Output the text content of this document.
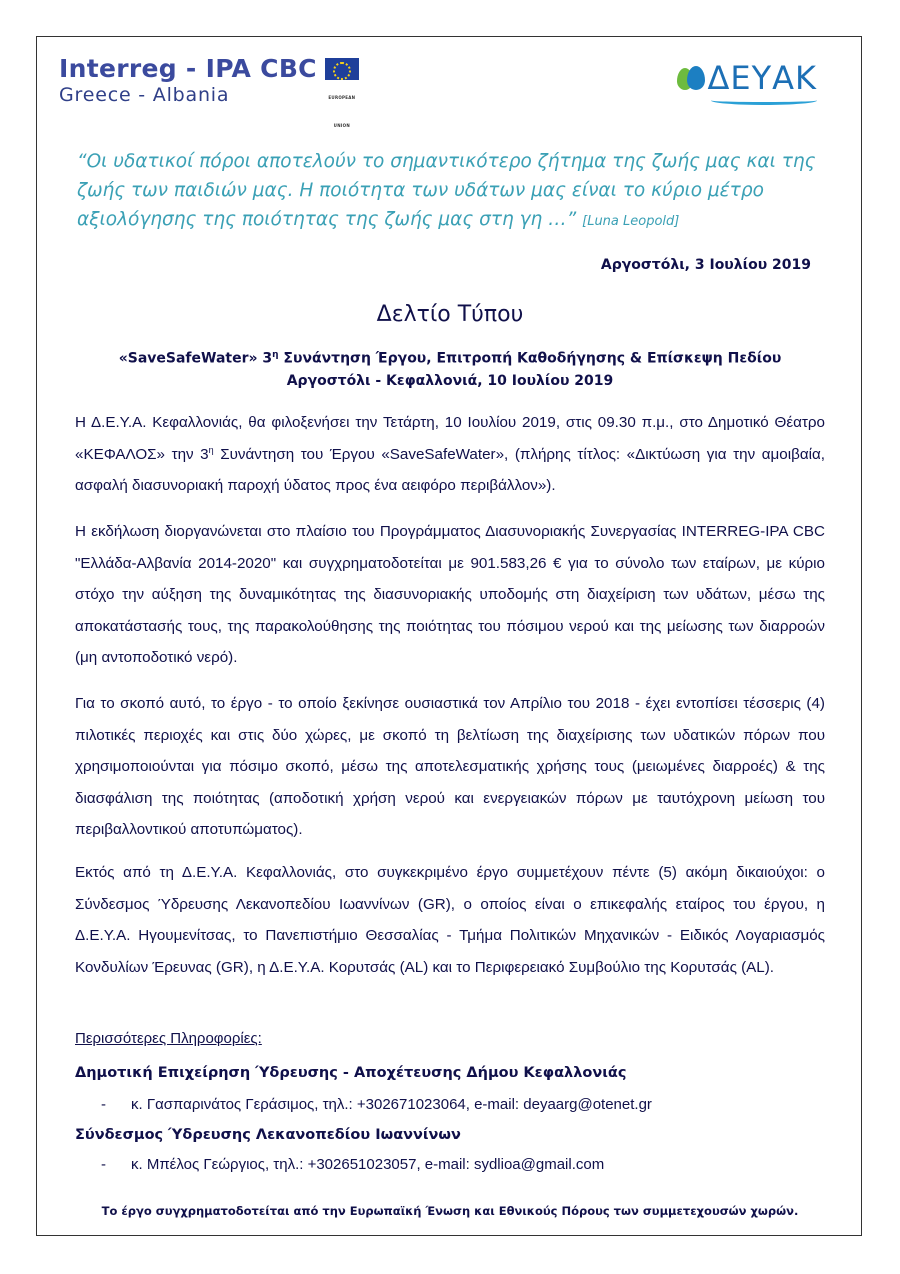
Interreg - IPA CBC
EUROPEAN UNION
Greece - Albania	ΔΕΥΑΚ
“Οι υδατικοί πόροι αποτελούν το σημαντικότερο ζήτημα της ζωής μας και της ζωής των παιδιών μας. Η ποιότητα των υδάτων μας είναι το κύριο μέτρο αξιολόγησης της ποιότητας της ζωής μας στη γη …” [Luna Leopold]
Αργοστόλι, 3 Ιουλίου 2019
Δελτίο Τύπου
«SaveSafeWater» $3^\eta$ Συνάντηση Έργου, Επιτροπή Καθοδήγησης & Επίσκεψη Πεδίου
Αργοστόλι - Κεφαλλονιά, 10 Ιουλίου 2019
Η Δ.Ε.Υ.Α. Κεφαλλονιάς, θα φιλοξενήσει την Τετάρτη, 10 Ιουλίου 2019, στις 09.30 π.μ., στο Δημοτικό Θέατρο «ΚΕΦΑΛΟΣ» την $3^\eta$ Συνάντηση του Έργου «SaveSafeWater», (πλήρης τίτλος: «Δικτύωση για την αμοιβαία, ασφαλή διασυνοριακή παροχή ύδατος προς ένα αειφόρο περιβάλλον»).
Η εκδήλωση διοργανώνεται στο πλαίσιο του Προγράμματος Διασυνοριακής Συνεργασίας INTERREG-IPA CBC "Ελλάδα-Αλβανία 2014-2020" και συγχρηματοδοτείται με 901.583,26 € για το σύνολο των εταίρων, με κύριο στόχο την αύξηση της δυναμικότητας της διασυνοριακής υποδομής στη διαχείριση των υδάτων, μέσω της αποκατάστασής τους, της παρακολούθησης της ποιότητας του πόσιμου νερού και της μείωσης των διαρροών (μη αντοποδοτικό νερό).
Για το σκοπό αυτό, το έργο - το οποίο ξεκίνησε ουσιαστικά τον Απρίλιο του 2018 - έχει εντοπίσει τέσσερις (4) πιλοτικές περιοχές και στις δύο χώρες, με σκοπό τη βελτίωση της διαχείρισης των υδατικών πόρων που χρησιμοποιούνται για πόσιμο σκοπό, μέσω της αποτελεσματικής χρήσης τους (μειωμένες διαρροές) & της διασφάλιση της ποιότητας (αποδοτική χρήση νερού και ενεργειακών πόρων με ταυτόχρονη μείωση του περιβαλλοντικού αποτυπώματος).
Εκτός από τη Δ.Ε.Υ.Α. Κεφαλλονιάς, στο συγκεκριμένο έργο συμμετέχουν πέντε (5) ακόμη δικαιούχοι: ο Σύνδεσμος Ύδρευσης Λεκανοπεδίου Ιωαννίνων (GR), ο οποίος είναι ο επικεφαλής εταίρος του έργου, η Δ.Ε.Υ.Α. Ηγουμενίτσας, το Πανεπιστήμιο Θεσσαλίας - Τμήμα Πολιτικών Μηχανικών - Ειδικός Λογαριασμός Κονδυλίων Έρευνας (GR), η Δ.Ε.Υ.Α. Κορυτσάς (AL) και το Περιφερειακό Συμβούλιο της Κορυτσάς (AL).
Περισσότερες Πληροφορίες:
Δημοτική Επιχείρηση Ύδρευσης - Αποχέτευσης Δήμου Κεφαλλονιάς
- κ. Γασπαρινάτος Γεράσιμος, τηλ.: +302671023064, e-mail: deyaarg@otenet.gr
Σύνδεσμος Ύδρευσης Λεκανοπεδίου Ιωαννίνων
- κ. Μπέλος Γεώργιος, τηλ.: +302651023057, e-mail: sydlioa@gmail.com
Το έργο συγχρηματοδοτείται από την Ευρωπαϊκή Ένωση και Εθνικούς Πόρους των συμμετεχουσών χωρών.
